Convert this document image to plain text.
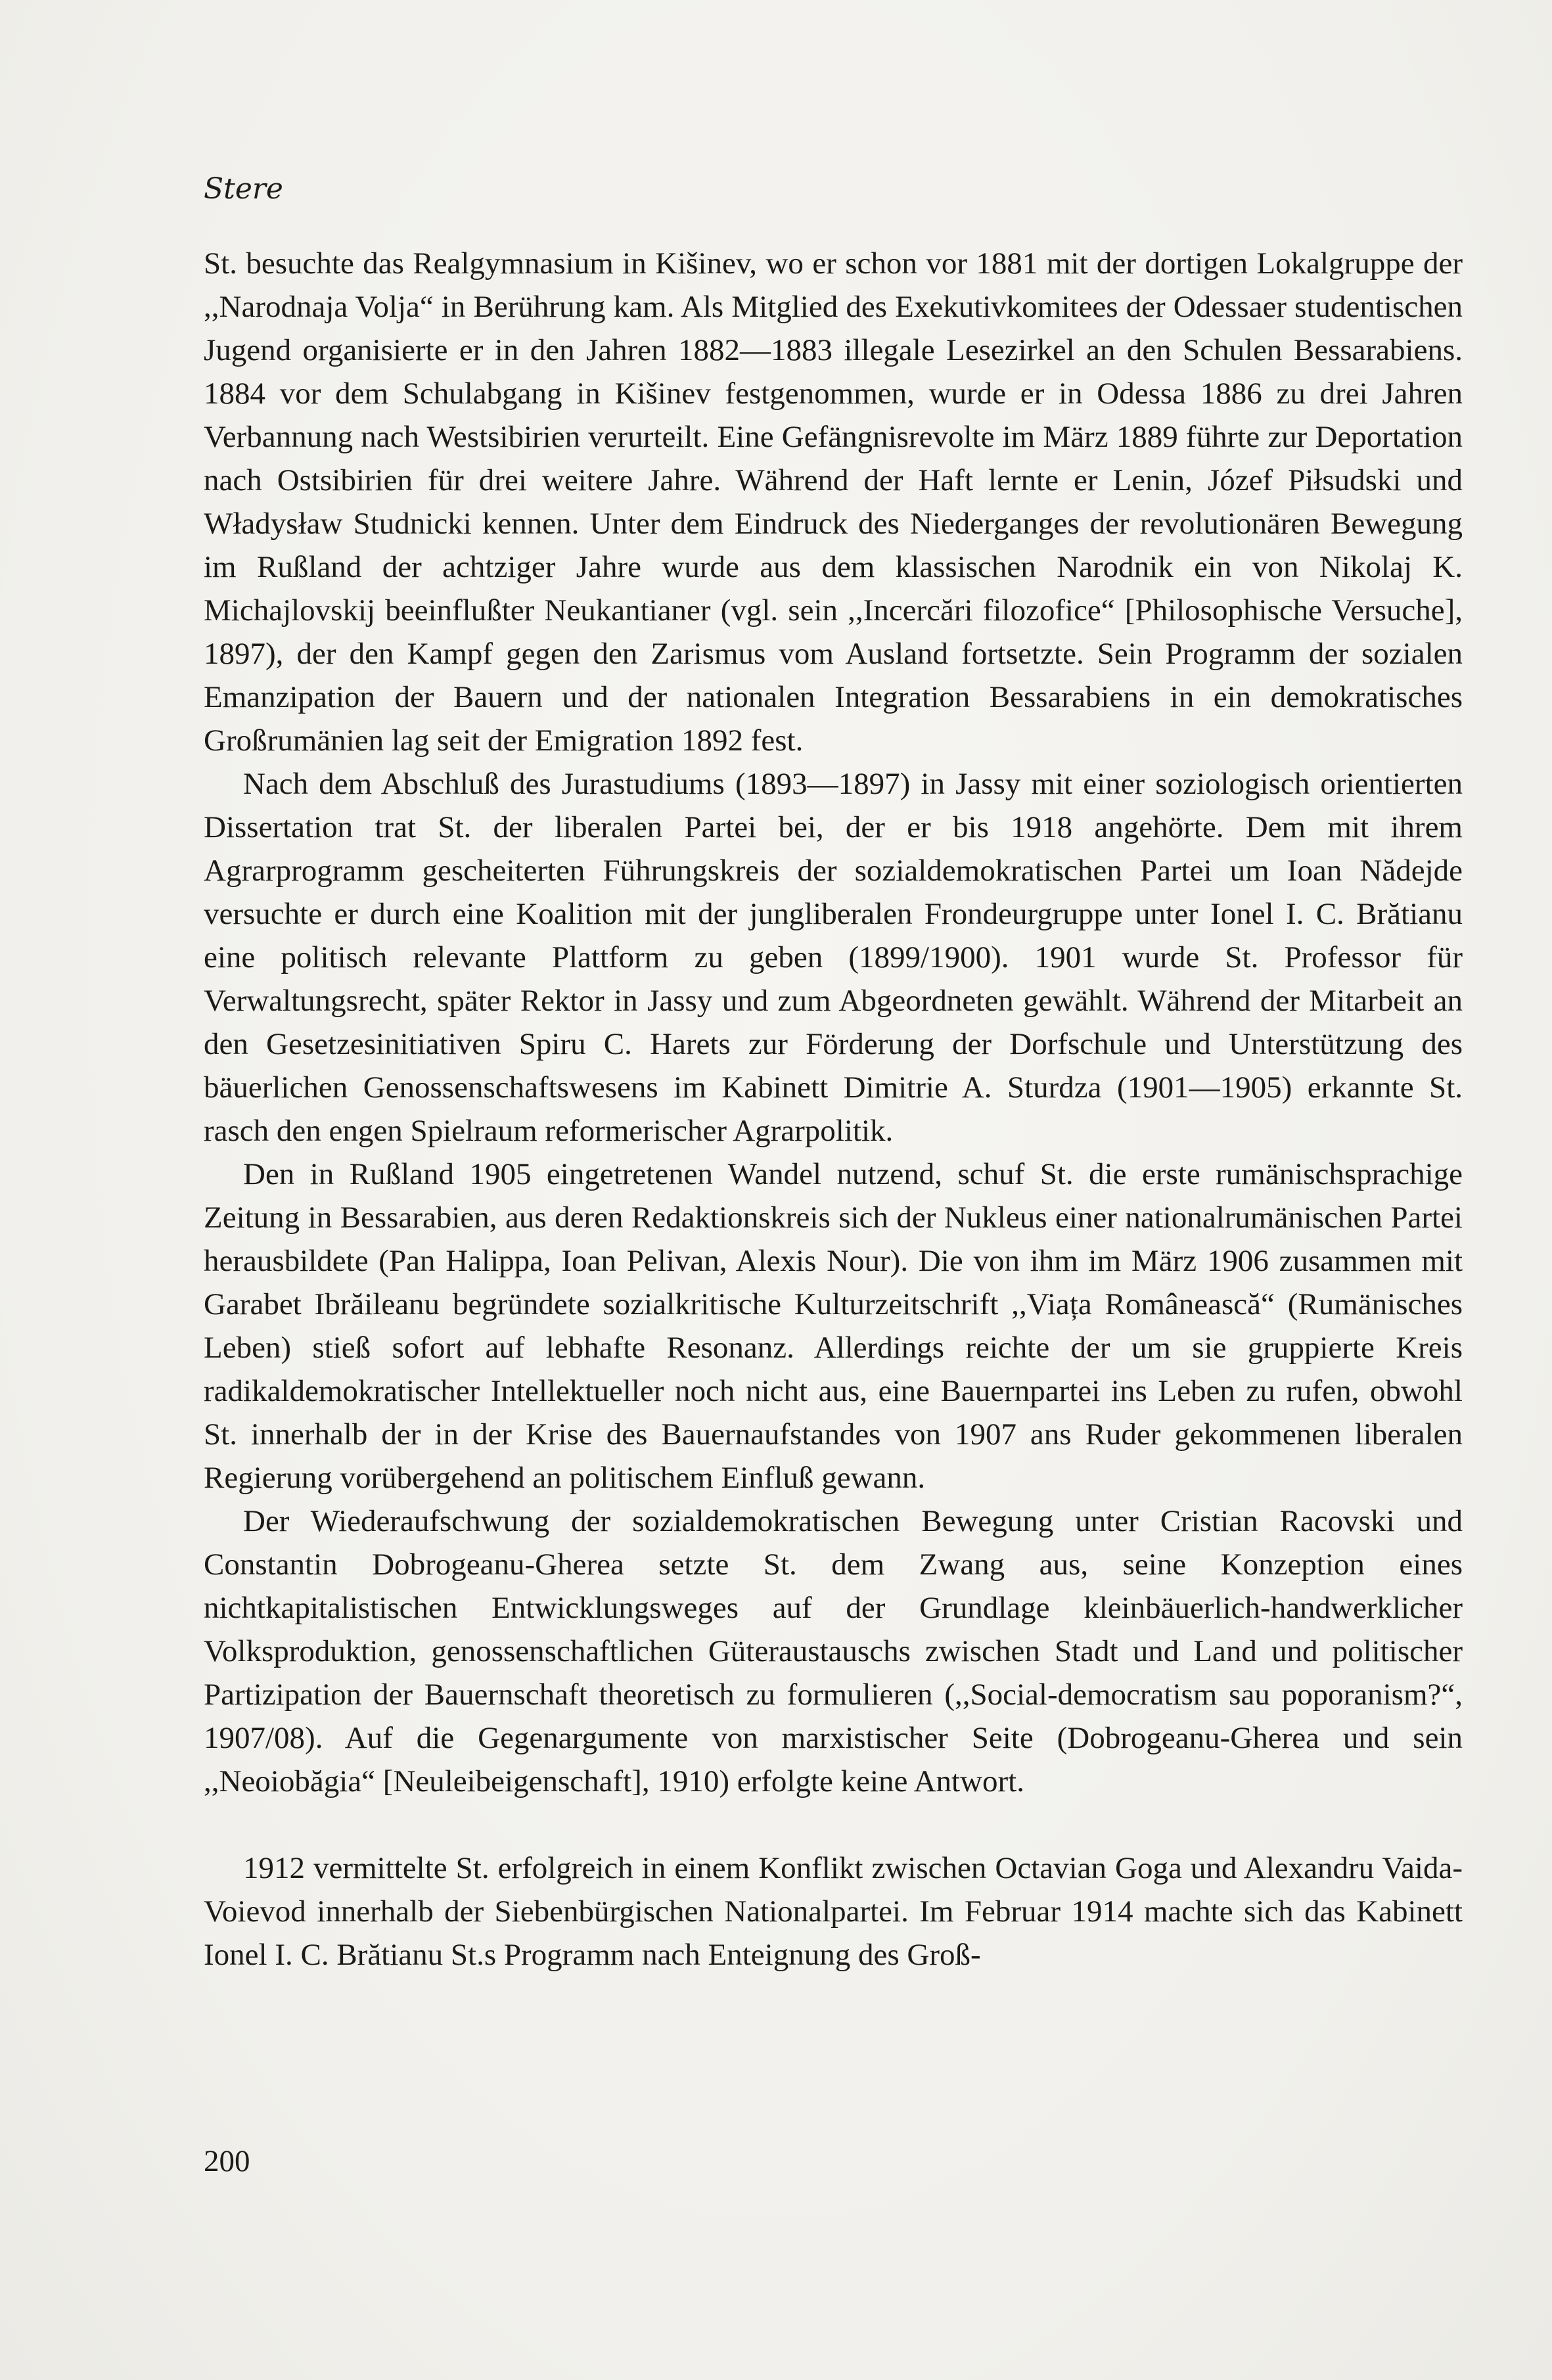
Stere

St. besuchte das Realgymnasium in Kišinev, wo er schon vor 1881 mit der dortigen Lokalgruppe der ,,Narodnaja Volja“ in Berührung kam. Als Mitglied des Exekutivkomitees der Odessaer studentischen Jugend organisierte er in den Jahren 1882—1883 illegale Lesezirkel an den Schulen Bessarabiens. 1884 vor dem Schulabgang in Kišinev festgenommen, wurde er in Odessa 1886 zu drei Jahren Verbannung nach Westsibirien verurteilt. Eine Gefängnisrevolte im März 1889 führte zur Deportation nach Ostsibirien für drei weitere Jahre. Während der Haft lernte er Lenin, Józef Piłsudski und Władysław Studnicki kennen. Unter dem Eindruck des Niederganges der revolutionären Bewegung im Rußland der achtziger Jahre wurde aus dem klassischen Narodnik ein von Nikolaj K. Michajlovskij beeinflußter Neukantianer (vgl. sein ,,Incercări filozofice“ [Philosophische Versuche], 1897), der den Kampf gegen den Zarismus vom Ausland fortsetzte. Sein Programm der sozialen Emanzipation der Bauern und der nationalen Integration Bessarabiens in ein demokratisches Großrumänien lag seit der Emigration 1892 fest.

Nach dem Abschluß des Jurastudiums (1893—1897) in Jassy mit einer soziologisch orientierten Dissertation trat St. der liberalen Partei bei, der er bis 1918 angehörte. Dem mit ihrem Agrarprogramm gescheiterten Führungskreis der sozialdemokratischen Partei um Ioan Nădejde versuchte er durch eine Koalition mit der jungliberalen Frondeurgruppe unter Ionel I. C. Brătianu eine politisch relevante Plattform zu geben (1899/1900). 1901 wurde St. Professor für Verwaltungsrecht, später Rektor in Jassy und zum Abgeordneten gewählt. Während der Mitarbeit an den Gesetzesinitiativen Spiru C. Harets zur Förderung der Dorfschule und Unterstützung des bäuerlichen Genossenschaftswesens im Kabinett Dimitrie A. Sturdza (1901—1905) erkannte St. rasch den engen Spielraum reformerischer Agrarpolitik.

Den in Rußland 1905 eingetretenen Wandel nutzend, schuf St. die erste rumänischsprachige Zeitung in Bessarabien, aus deren Redaktionskreis sich der Nukleus einer nationalrumänischen Partei herausbildete (Pan Halippa, Ioan Pelivan, Alexis Nour). Die von ihm im März 1906 zusammen mit Garabet Ibrăileanu begründete sozialkritische Kulturzeitschrift ,,Viața Românească“ (Rumänisches Leben) stieß sofort auf lebhafte Resonanz. Allerdings reichte der um sie gruppierte Kreis radikaldemokratischer Intellektueller noch nicht aus, eine Bauernpartei ins Leben zu rufen, obwohl St. innerhalb der in der Krise des Bauernaufstandes von 1907 ans Ruder gekommenen liberalen Regierung vorübergehend an politischem Einfluß gewann.

Der Wiederaufschwung der sozialdemokratischen Bewegung unter Cristian Racovski und Constantin Dobrogeanu-Gherea setzte St. dem Zwang aus, seine Konzeption eines nichtkapitalistischen Entwicklungsweges auf der Grundlage kleinbäuerlich-handwerklicher Volksproduktion, genossenschaftlichen Güteraustauschs zwischen Stadt und Land und politischer Partizipation der Bauernschaft theoretisch zu formulieren (,,Social-democratism sau poporanism?“, 1907/08). Auf die Gegenargumente von marxistischer Seite (Dobrogeanu-Gherea und sein ,,Neoiobăgia“ [Neuleibeigenschaft], 1910) erfolgte keine Antwort.

1912 vermittelte St. erfolgreich in einem Konflikt zwischen Octavian Goga und Alexandru Vaida-Voievod innerhalb der Siebenbürgischen Nationalpartei. Im Februar 1914 machte sich das Kabinett Ionel I. C. Brătianu St.s Programm nach Enteignung des Groß-

200
